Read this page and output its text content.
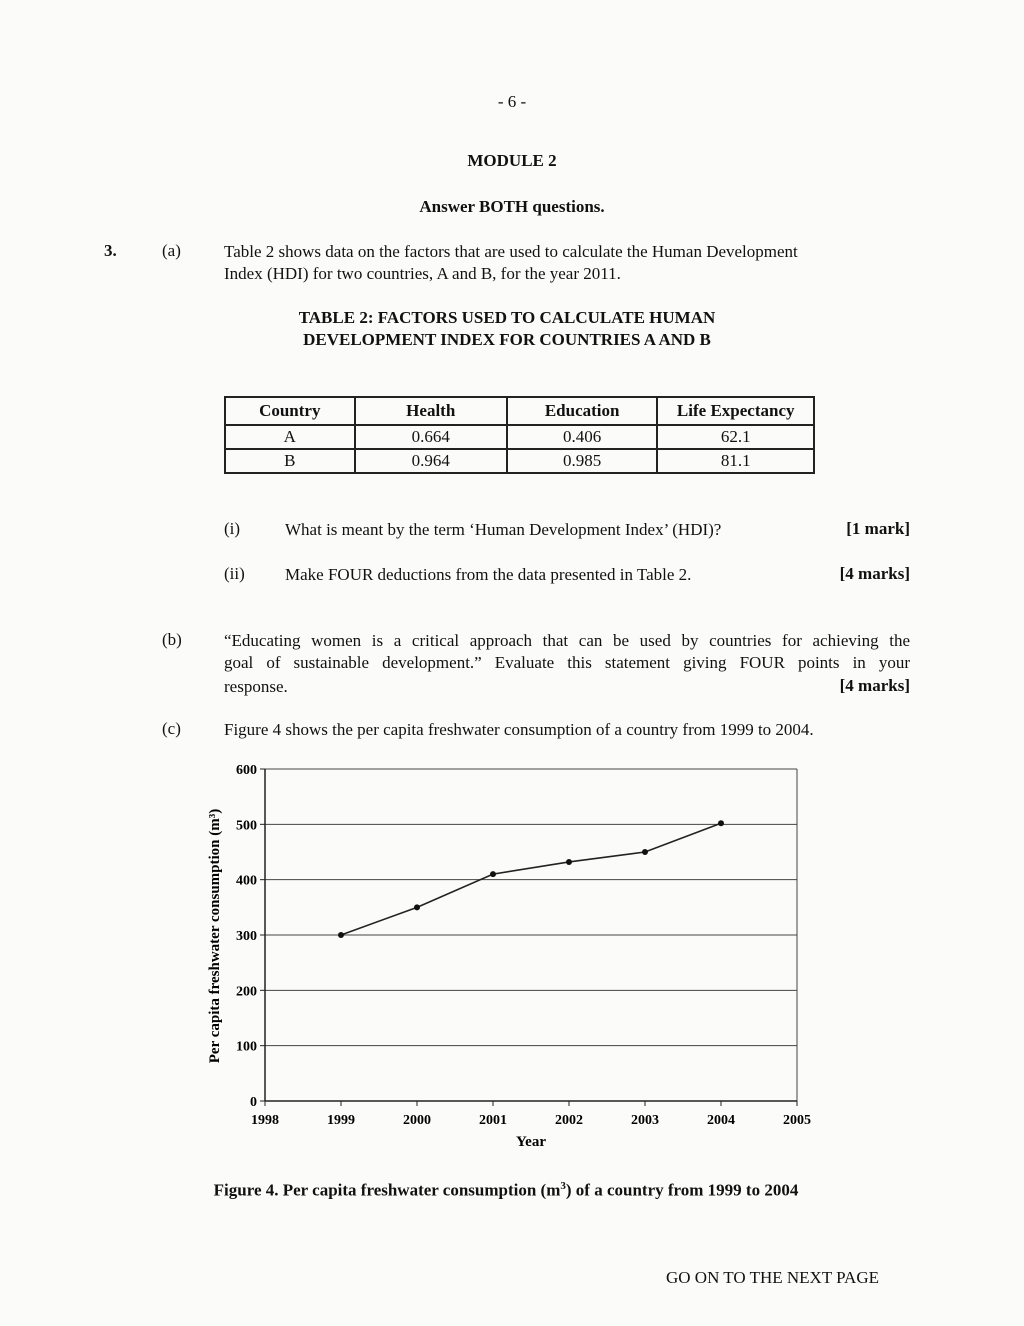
- 6 -
MODULE 2
Answer BOTH questions.
3.	(a)	Table 2 shows data on the factors that are used to calculate the Human Development
Index (HDI) for two countries, A and B, for the year 2011.
TABLE 2: FACTORS USED TO CALCULATE HUMAN
DEVELOPMENT INDEX FOR COUNTRIES A AND B
Country	Health	Education	Life Expectancy
A	0.664	0.406	62.1
B	0.964	0.985	81.1
(i)	What is meant by the term ‘Human Development Index’ (HDI)?	[1 mark]
(ii) Make FOUR deductions from the data presented in Table 2.	[4 marks]
(b) “Educating women is a critical approach that can be used by countries for achieving the
goal of sustainable development.” Evaluate this statement giving FOUR points in your
response.	[4 marks]
(c)	Figure 4 shows the per capita freshwater consumption of a country from 1999 to 2004.
0
100
200
300
400
500
600
1998	1999	2000	2001	2002	2003	2004	2005
Year
Per capita freshwater consumption (m³)
Figure 4. Per capita freshwater consumption $(m^3)$ of a country from 1999 to 2004
GO ON TO THE NEXT PAGE
